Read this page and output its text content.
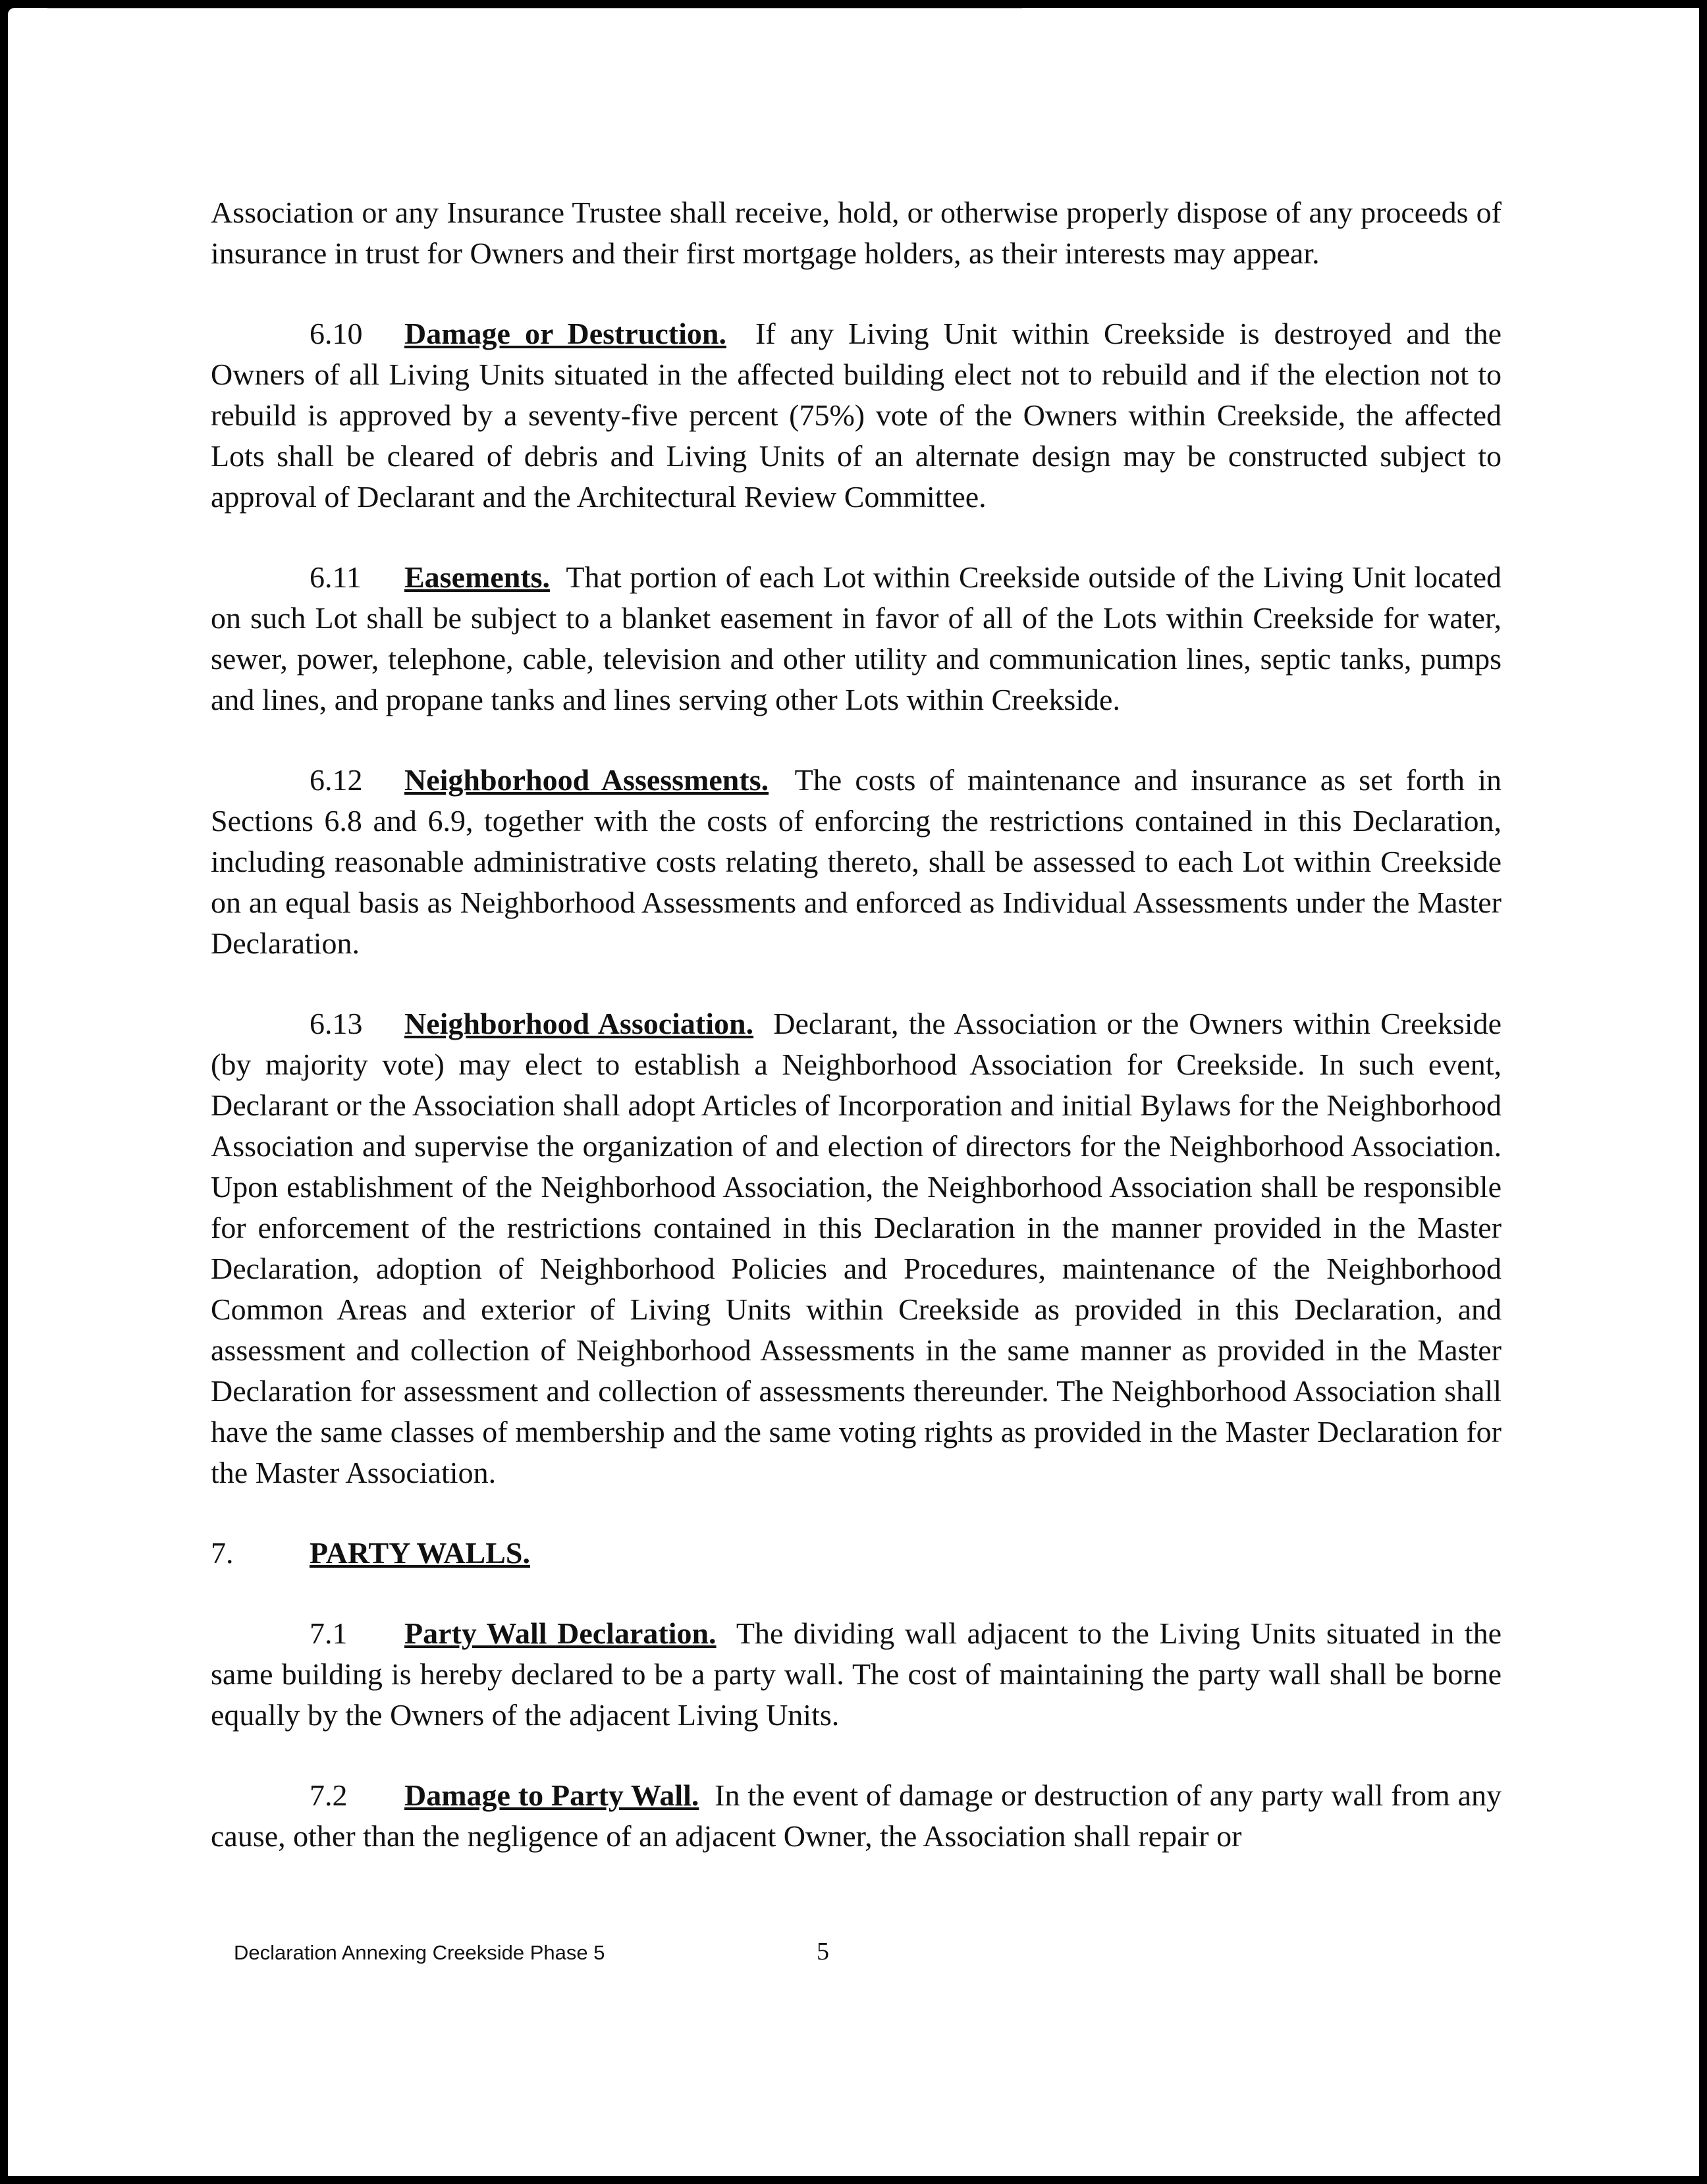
Association or any Insurance Trustee shall receive, hold, or otherwise properly dispose of any proceeds of insurance in trust for Owners and their first mortgage holders, as their interests may appear.

6.10 Damage or Destruction. If any Living Unit within Creekside is destroyed and the Owners of all Living Units situated in the affected building elect not to rebuild and if the election not to rebuild is approved by a seventy-five percent (75%) vote of the Owners within Creekside, the affected Lots shall be cleared of debris and Living Units of an alternate design may be constructed subject to approval of Declarant and the Architectural Review Committee.

6.11 Easements. That portion of each Lot within Creekside outside of the Living Unit located on such Lot shall be subject to a blanket easement in favor of all of the Lots within Creekside for water, sewer, power, telephone, cable, television and other utility and communication lines, septic tanks, pumps and lines, and propane tanks and lines serving other Lots within Creekside.

6.12 Neighborhood Assessments. The costs of maintenance and insurance as set forth in Sections 6.8 and 6.9, together with the costs of enforcing the restrictions contained in this Declaration, including reasonable administrative costs relating thereto, shall be assessed to each Lot within Creekside on an equal basis as Neighborhood Assessments and enforced as Individual Assessments under the Master Declaration.

6.13 Neighborhood Association. Declarant, the Association or the Owners within Creekside (by majority vote) may elect to establish a Neighborhood Association for Creekside. In such event, Declarant or the Association shall adopt Articles of Incorporation and initial Bylaws for the Neighborhood Association and supervise the organization of and election of directors for the Neighborhood Association. Upon establishment of the Neighborhood Association, the Neighborhood Association shall be responsible for enforcement of the restrictions contained in this Declaration in the manner provided in the Master Declaration, adoption of Neighborhood Policies and Procedures, maintenance of the Neighborhood Common Areas and exterior of Living Units within Creekside as provided in this Declaration, and assessment and collection of Neighborhood Assessments in the same manner as provided in the Master Declaration for assessment and collection of assessments thereunder. The Neighborhood Association shall have the same classes of membership and the same voting rights as provided in the Master Declaration for the Master Association.

7.	PARTY WALLS.

7.1 Party Wall Declaration. The dividing wall adjacent to the Living Units situated in the same building is hereby declared to be a party wall. The cost of maintaining the party wall shall be borne equally by the Owners of the adjacent Living Units.

7.2 Damage to Party Wall. In the event of damage or destruction of any party wall from any cause, other than the negligence of an adjacent Owner, the Association shall repair or

Declaration Annexing Creekside Phase 5	5
